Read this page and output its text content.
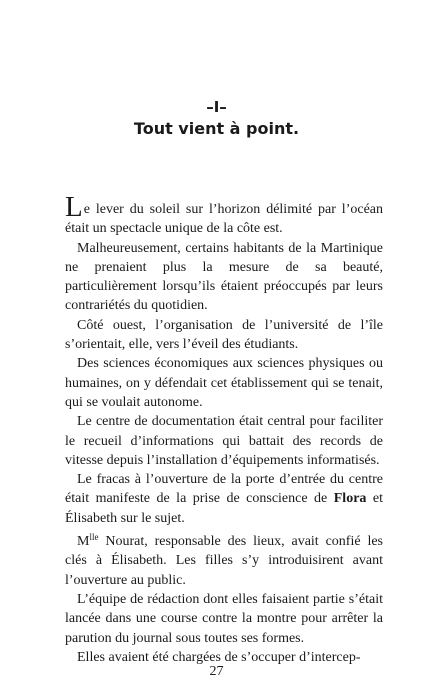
–I–
Tout vient à point.

Le lever du soleil sur l’horizon délimité par l’océan était un spectacle unique de la côte est.

Malheureusement, certains habitants de la Martinique ne prenaient plus la mesure de sa beauté, particulièrement lorsqu’ils étaient préoccupés par leurs contrariétés du quotidien.

Côté ouest, l’organisation de l’université de l’île s’orientait, elle, vers l’éveil des étudiants.

Des sciences économiques aux sciences physiques ou humaines, on y défendait cet établissement qui se tenait, qui se voulait autonome.

Le centre de documentation était central pour faciliter le recueil d’informations qui battait des records de vitesse depuis l’installation d’équipements informatisés.

Le fracas à l’ouverture de la porte d’entrée du centre était manifeste de la prise de conscience de Flora et Élisabeth sur le sujet.

$M^{lle}$ Nourat, responsable des lieux, avait confié les clés à Élisabeth. Les filles s’y introduisirent avant l’ouverture au public.

L’équipe de rédaction dont elles faisaient partie s’était lancée dans une course contre la montre pour arrêter la parution du journal sous toutes ses formes.

Elles avaient été chargées de s’occuper d’intercep-

27
